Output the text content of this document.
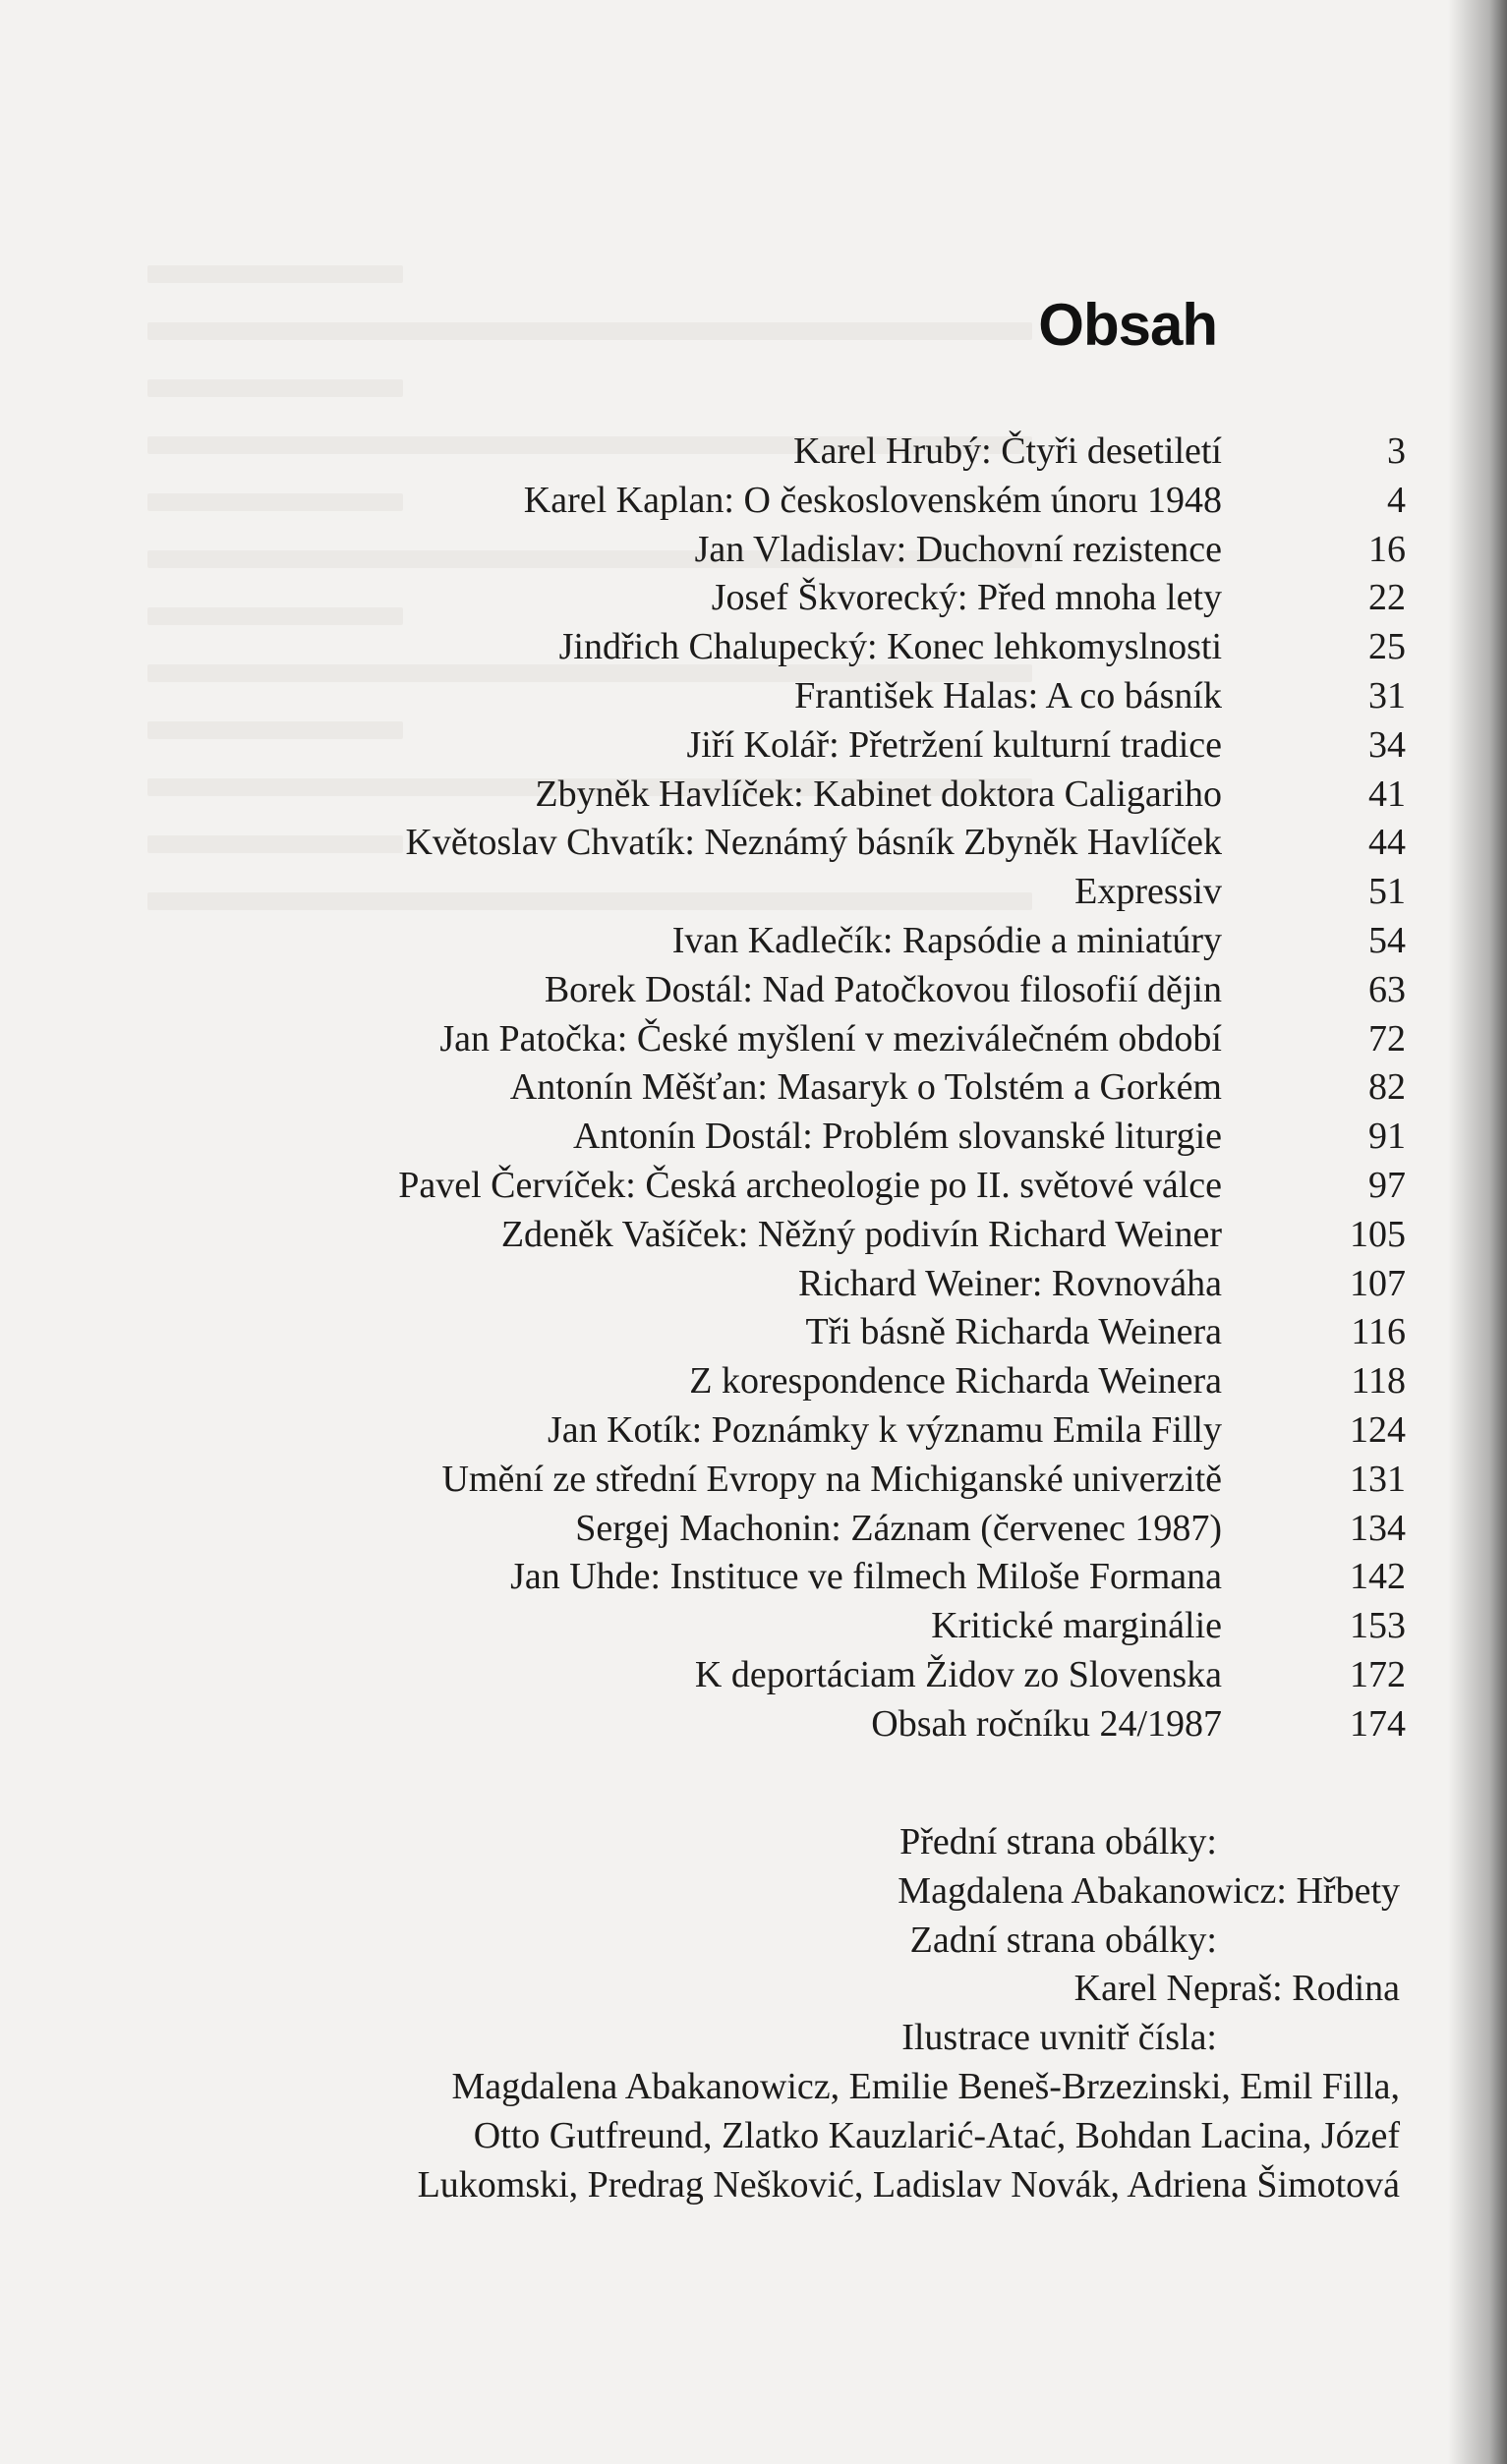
Obsah
Karel Hrubý: Čtyři desetiletí	3
Karel Kaplan: O československém únoru 1948	4
Jan Vladislav: Duchovní rezistence	16
Josef Škvorecký: Před mnoha lety	22
Jindřich Chalupecký: Konec lehkomyslnosti	25
František Halas: A co básník	31
Jiří Kolář: Přetržení kulturní tradice	34
Zbyněk Havlíček: Kabinet doktora Caligariho	41
Květoslav Chvatík: Neznámý básník Zbyněk Havlíček	44
Expressiv	51
Ivan Kadlečík: Rapsódie a miniatúry	54
Borek Dostál: Nad Patočkovou filosofií dějin	63
Jan Patočka: České myšlení v meziválečném období	72
Antonín Měšťan: Masaryk o Tolstém a Gorkém	82
Antonín Dostál: Problém slovanské liturgie	91
Pavel Červíček: Česká archeologie po II. světové válce	97
Zdeněk Vašíček: Něžný podivín Richard Weiner	105
Richard Weiner: Rovnováha	107
Tři básně Richarda Weinera	116
Z korespondence Richarda Weinera	118
Jan Kotík: Poznámky k významu Emila Filly	124
Umění ze střední Evropy na Michiganské univerzitě	131
Sergej Machonin: Záznam (červenec 1987)	134
Jan Uhde: Instituce ve filmech Miloše Formana	142
Kritické marginálie	153
K deportáciam Židov zo Slovenska	172
Obsah ročníku 24/1987	174
Přední strana obálky:
Magdalena Abakanowicz: Hřbety
Zadní strana obálky:
Karel Nepraš: Rodina
Ilustrace uvnitř čísla:
Magdalena Abakanowicz, Emilie Beneš-Brzezinski, Emil Filla,
Otto Gutfreund, Zlatko Kauzlarić-Atać, Bohdan Lacina, Józef
Lukomski, Predrag Nešković, Ladislav Novák, Adriena Šimotová
